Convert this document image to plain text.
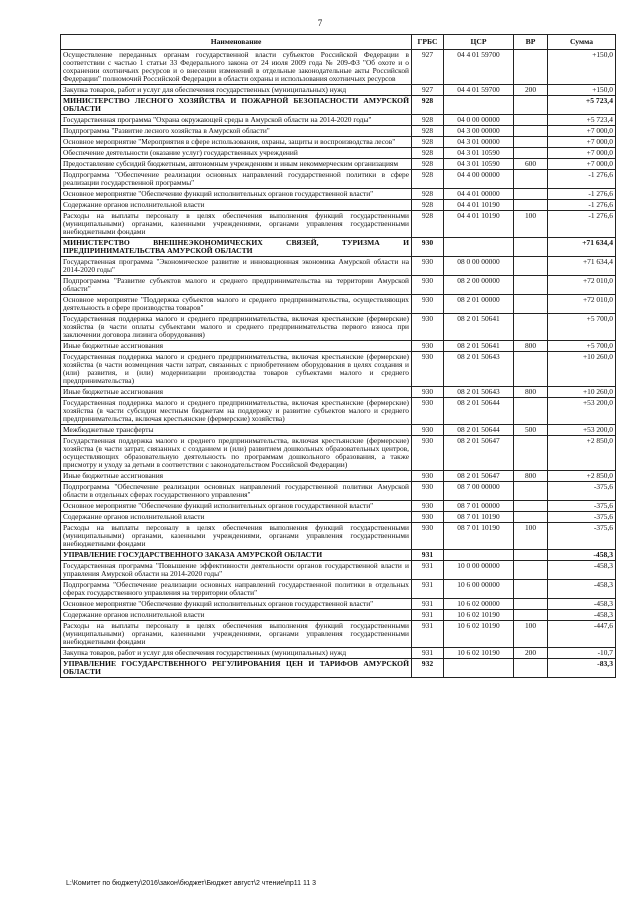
7
Наименование	ГРБС	ЦСР	ВР	Сумма
Осуществление переданных органам государственной власти субъектов Российской Федерации в соответствии с частью 1 статьи 33 Федерального закона от 24 июля 2009 года № 209-ФЗ "Об охоте и о сохранении охотничьих ресурсов и о внесении изменений в отдельные законодательные акты Российской Федерации" полномочий Российской Федерации в области охраны и использования охотничьих ресурсов	927	04 4 01 59700		+150,0
Закупка товаров, работ и услуг для обеспечения государственных (муниципальных) нужд	927	04 4 01 59700	200	+150,0
МИНИСТЕРСТВО ЛЕСНОГО ХОЗЯЙСТВА И ПОЖАРНОЙ БЕЗОПАСНОСТИ АМУРСКОЙ ОБЛАСТИ	928			+5 723,4
Государственная программа "Охрана окружающей среды в Амурской области на 2014-2020 годы"	928	04 0 00 00000		+5 723,4
Подпрограмма "Развитие лесного хозяйства в Амурской области"	928	04 3 00 00000		+7 000,0
Основное мероприятие "Мероприятия в сфере использования, охраны, защиты и воспроизводства лесов"	928	04 3 01 00000		+7 000,0
Обеспечение деятельности (оказание услуг) государственных учреждений	928	04 3 01 10590		+7 000,0
Предоставление субсидий бюджетным, автономным учреждениям и иным некоммерческим организациям	928	04 3 01 10590	600	+7 000,0
Подпрограмма "Обеспечение реализации основных направлений государственной политики в сфере реализации государственной программы"	928	04 4 00 00000		-1 276,6
Основное мероприятие "Обеспечение функций исполнительных органов государственной власти"	928	04 4 01 00000		-1 276,6
Содержание органов исполнительной власти	928	04 4 01 10190		-1 276,6
Расходы на выплаты персоналу в целях обеспечения выполнения функций государственными (муниципальными) органами, казенными учреждениями, органами управления государственными внебюджетными фондами	928	04 4 01 10190	100	-1 276,6
МИНИСТЕРСТВО ВНЕШНЕЭКОНОМИЧЕСКИХ СВЯЗЕЙ, ТУРИЗМА И ПРЕДПРИНИМАТЕЛЬСТВА АМУРСКОЙ ОБЛАСТИ	930			+71 634,4
Государственная программа "Экономическое развитие и инновационная экономика Амурской области на 2014-2020 годы"	930	08 0 00 00000		+71 634,4
Подпрограмма "Развитие субъектов малого и среднего предпринимательства на территории Амурской области"	930	08 2 00 00000		+72 010,0
Основное мероприятие "Поддержка субъектов малого и среднего предпринимательства, осуществляющих деятельность в сфере производства товаров"	930	08 2 01 00000		+72 010,0
Государственная поддержка малого и среднего предпринимательства, включая крестьянские (фермерские) хозяйства (в части оплаты субъектами малого и среднего предпринимательства первого взноса при заключении договора лизинга оборудования)	930	08 2 01 50641		+5 700,0
Иные бюджетные ассигнования	930	08 2 01 50641	800	+5 700,0
Государственная поддержка малого и среднего предпринимательства, включая крестьянские (фермерские) хозяйства (в части возмещения части затрат, связанных с приобретением оборудования в целях создания и (или) развития, и (или) модернизации производства товаров субъектами малого и среднего предпринимательства)	930	08 2 01 50643		+10 260,0
Иные бюджетные ассигнования	930	08 2 01 50643	800	+10 260,0
Государственная поддержка малого и среднего предпринимательства, включая крестьянские (фермерские) хозяйства (в части субсидии местным бюджетам на поддержку и развитие субъектов малого и среднего предпринимательства, включая крестьянские (фермерские) хозяйства)	930	08 2 01 50644		+53 200,0
Межбюджетные трансферты	930	08 2 01 50644	500	+53 200,0
Государственная поддержка малого и среднего предпринимательства, включая крестьянские (фермерские) хозяйства (в части затрат, связанных с созданием и (или) развитием дошкольных образовательных центров, осуществляющих образовательную деятельность по программам дошкольного образования, а также присмотру и уходу за детьми в соответствии с законодательством Российской Федерации)	930	08 2 01 50647		+2 850,0
Иные бюджетные ассигнования	930	08 2 01 50647	800	+2 850,0
Подпрограмма "Обеспечение реализации основных направлений государственной политики Амурской области в отдельных сферах государственного управления"	930	08 7 00 00000		-375,6
Основное мероприятие "Обеспечение функций исполнительных органов государственной власти"	930	08 7 01 00000		-375,6
Содержание органов исполнительной власти	930	08 7 01 10190		-375,6
Расходы на выплаты персоналу в целях обеспечения выполнения функций государственными (муниципальными) органами, казенными учреждениями, органами управления государственными внебюджетными фондами	930	08 7 01 10190	100	-375,6
УПРАВЛЕНИЕ ГОСУДАРСТВЕННОГО ЗАКАЗА АМУРСКОЙ ОБЛАСТИ	931			-458,3
Государственная программа "Повышение эффективности деятельности органов государственной власти и управления Амурской области на 2014-2020 годы"	931	10 0 00 00000		-458,3
Подпрограмма "Обеспечение реализации основных направлений государственной политики в отдельных сферах государственного управления на территории области"	931	10 6 00 00000		-458,3
Основное мероприятие "Обеспечение функций исполнительных органов государственной власти"	931	10 6 02 00000		-458,3
Содержание органов исполнительной власти	931	10 6 02 10190		-458,3
Расходы на выплаты персоналу в целях обеспечения выполнения функций государственными (муниципальными) органами, казенными учреждениями, органами управления государственными внебюджетными фондами	931	10 6 02 10190	100	-447,6
Закупка товаров, работ и услуг для обеспечения государственных (муниципальных) нужд	931	10 6 02 10190	200	-10,7
УПРАВЛЕНИЕ ГОСУДАРСТВЕННОГО РЕГУЛИРОВАНИЯ ЦЕН И ТАРИФОВ АМУРСКОЙ ОБЛАСТИ	932			-83,3
L:\Комитет по бюджету\2016\закон\бюджет\Бюджет август\2 чтение\пр11 11 3
